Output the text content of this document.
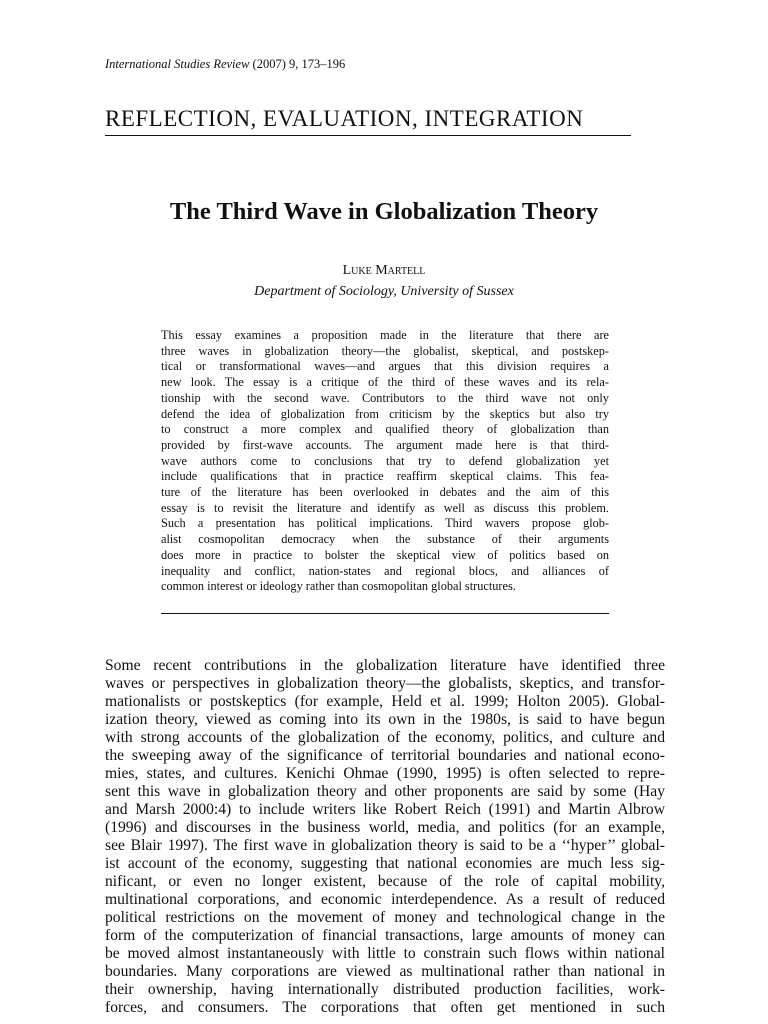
International Studies Review (2007) 9, 173–196
REFLECTION, EVALUATION, INTEGRATION
The Third Wave in Globalization Theory
Luke Martell
Department of Sociology, University of Sussex
This essay examines a proposition made in the literature that there are
three waves in globalization theory—the globalist, skeptical, and postskep-
tical or transformational waves—and argues that this division requires a
new look. The essay is a critique of the third of these waves and its rela-
tionship with the second wave. Contributors to the third wave not only
defend the idea of globalization from criticism by the skeptics but also try
to construct a more complex and qualified theory of globalization than
provided by first-wave accounts. The argument made here is that third-
wave authors come to conclusions that try to defend globalization yet
include qualifications that in practice reaffirm skeptical claims. This fea-
ture of the literature has been overlooked in debates and the aim of this
essay is to revisit the literature and identify as well as discuss this problem.
Such a presentation has political implications. Third wavers propose glob-
alist cosmopolitan democracy when the substance of their arguments
does more in practice to bolster the skeptical view of politics based on
inequality and conflict, nation-states and regional blocs, and alliances of
common interest or ideology rather than cosmopolitan global structures.
Some recent contributions in the globalization literature have identified three
waves or perspectives in globalization theory—the globalists, skeptics, and transfor-
mationalists or postskeptics (for example, Held et al. 1999; Holton 2005). Global-
ization theory, viewed as coming into its own in the 1980s, is said to have begun
with strong accounts of the globalization of the economy, politics, and culture and
the sweeping away of the significance of territorial boundaries and national econo-
mies, states, and cultures. Kenichi Ohmae (1990, 1995) is often selected to repre-
sent this wave in globalization theory and other proponents are said by some (Hay
and Marsh 2000:4) to include writers like Robert Reich (1991) and Martin Albrow
(1996) and discourses in the business world, media, and politics (for an example,
see Blair 1997). The first wave in globalization theory is said to be a ‘‘hyper’’ global-
ist account of the economy, suggesting that national economies are much less sig-
nificant, or even no longer existent, because of the role of capital mobility,
multinational corporations, and economic interdependence. As a result of reduced
political restrictions on the movement of money and technological change in the
form of the computerization of financial transactions, large amounts of money can
be moved almost instantaneously with little to constrain such flows within national
boundaries. Many corporations are viewed as multinational rather than national in
their ownership, having internationally distributed production facilities, work-
forces, and consumers. The corporations that often get mentioned in such
